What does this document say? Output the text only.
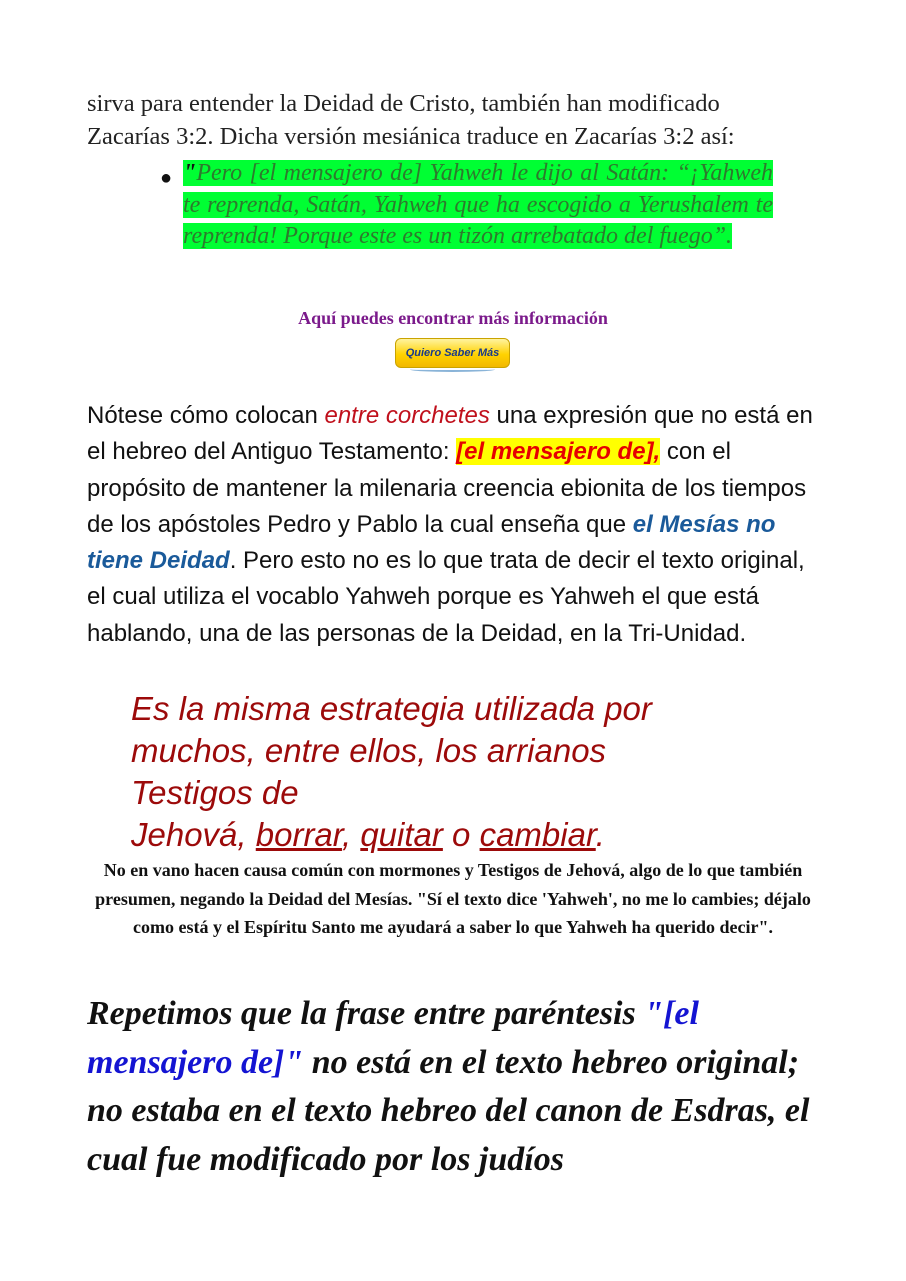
sirva para entender la Deidad de Cristo, también han modificado
Zacarías 3:2. Dicha versión mesiánica traduce en Zacarías 3:2 así:
● "Pero [el mensajero de] Yahweh le dijo al Satán: “¡Yahweh te reprenda, Satán, Yahweh que ha escogido a Yerushalem te reprenda! Porque este es un tizón arrebatado del fuego”.
Aquí puedes encontrar más información
Quiero Saber Más
Nótese cómo colocan entre corchetes una expresión que no está en el hebreo del Antiguo Testamento: [el mensajero de], con el propósito de mantener la milenaria creencia ebionita de los tiempos de los apóstoles Pedro y Pablo la cual enseña que el Mesías no tiene Deidad. Pero esto no es lo que trata de decir el texto original, el cual utiliza el vocablo Yahweh porque es Yahweh el que está hablando, una de las personas de la Deidad, en la Tri-Unidad.
Es la misma estrategia utilizada por
muchos, entre ellos, los arrianos
Testigos de
Jehová, borrar, quitar o cambiar.
No en vano hacen causa común con mormones y Testigos de Jehová, algo de lo que también presumen, negando la Deidad del Mesías. "Sí el texto dice 'Yahweh', no me lo cambies; déjalo como está y el Espíritu Santo me ayudará a saber lo que Yahweh ha querido decir".
Repetimos que la frase entre paréntesis "[el mensajero de]" no está en el texto hebreo original; no estaba en el texto hebreo del canon de Esdras, el cual fue modificado por los judíos
